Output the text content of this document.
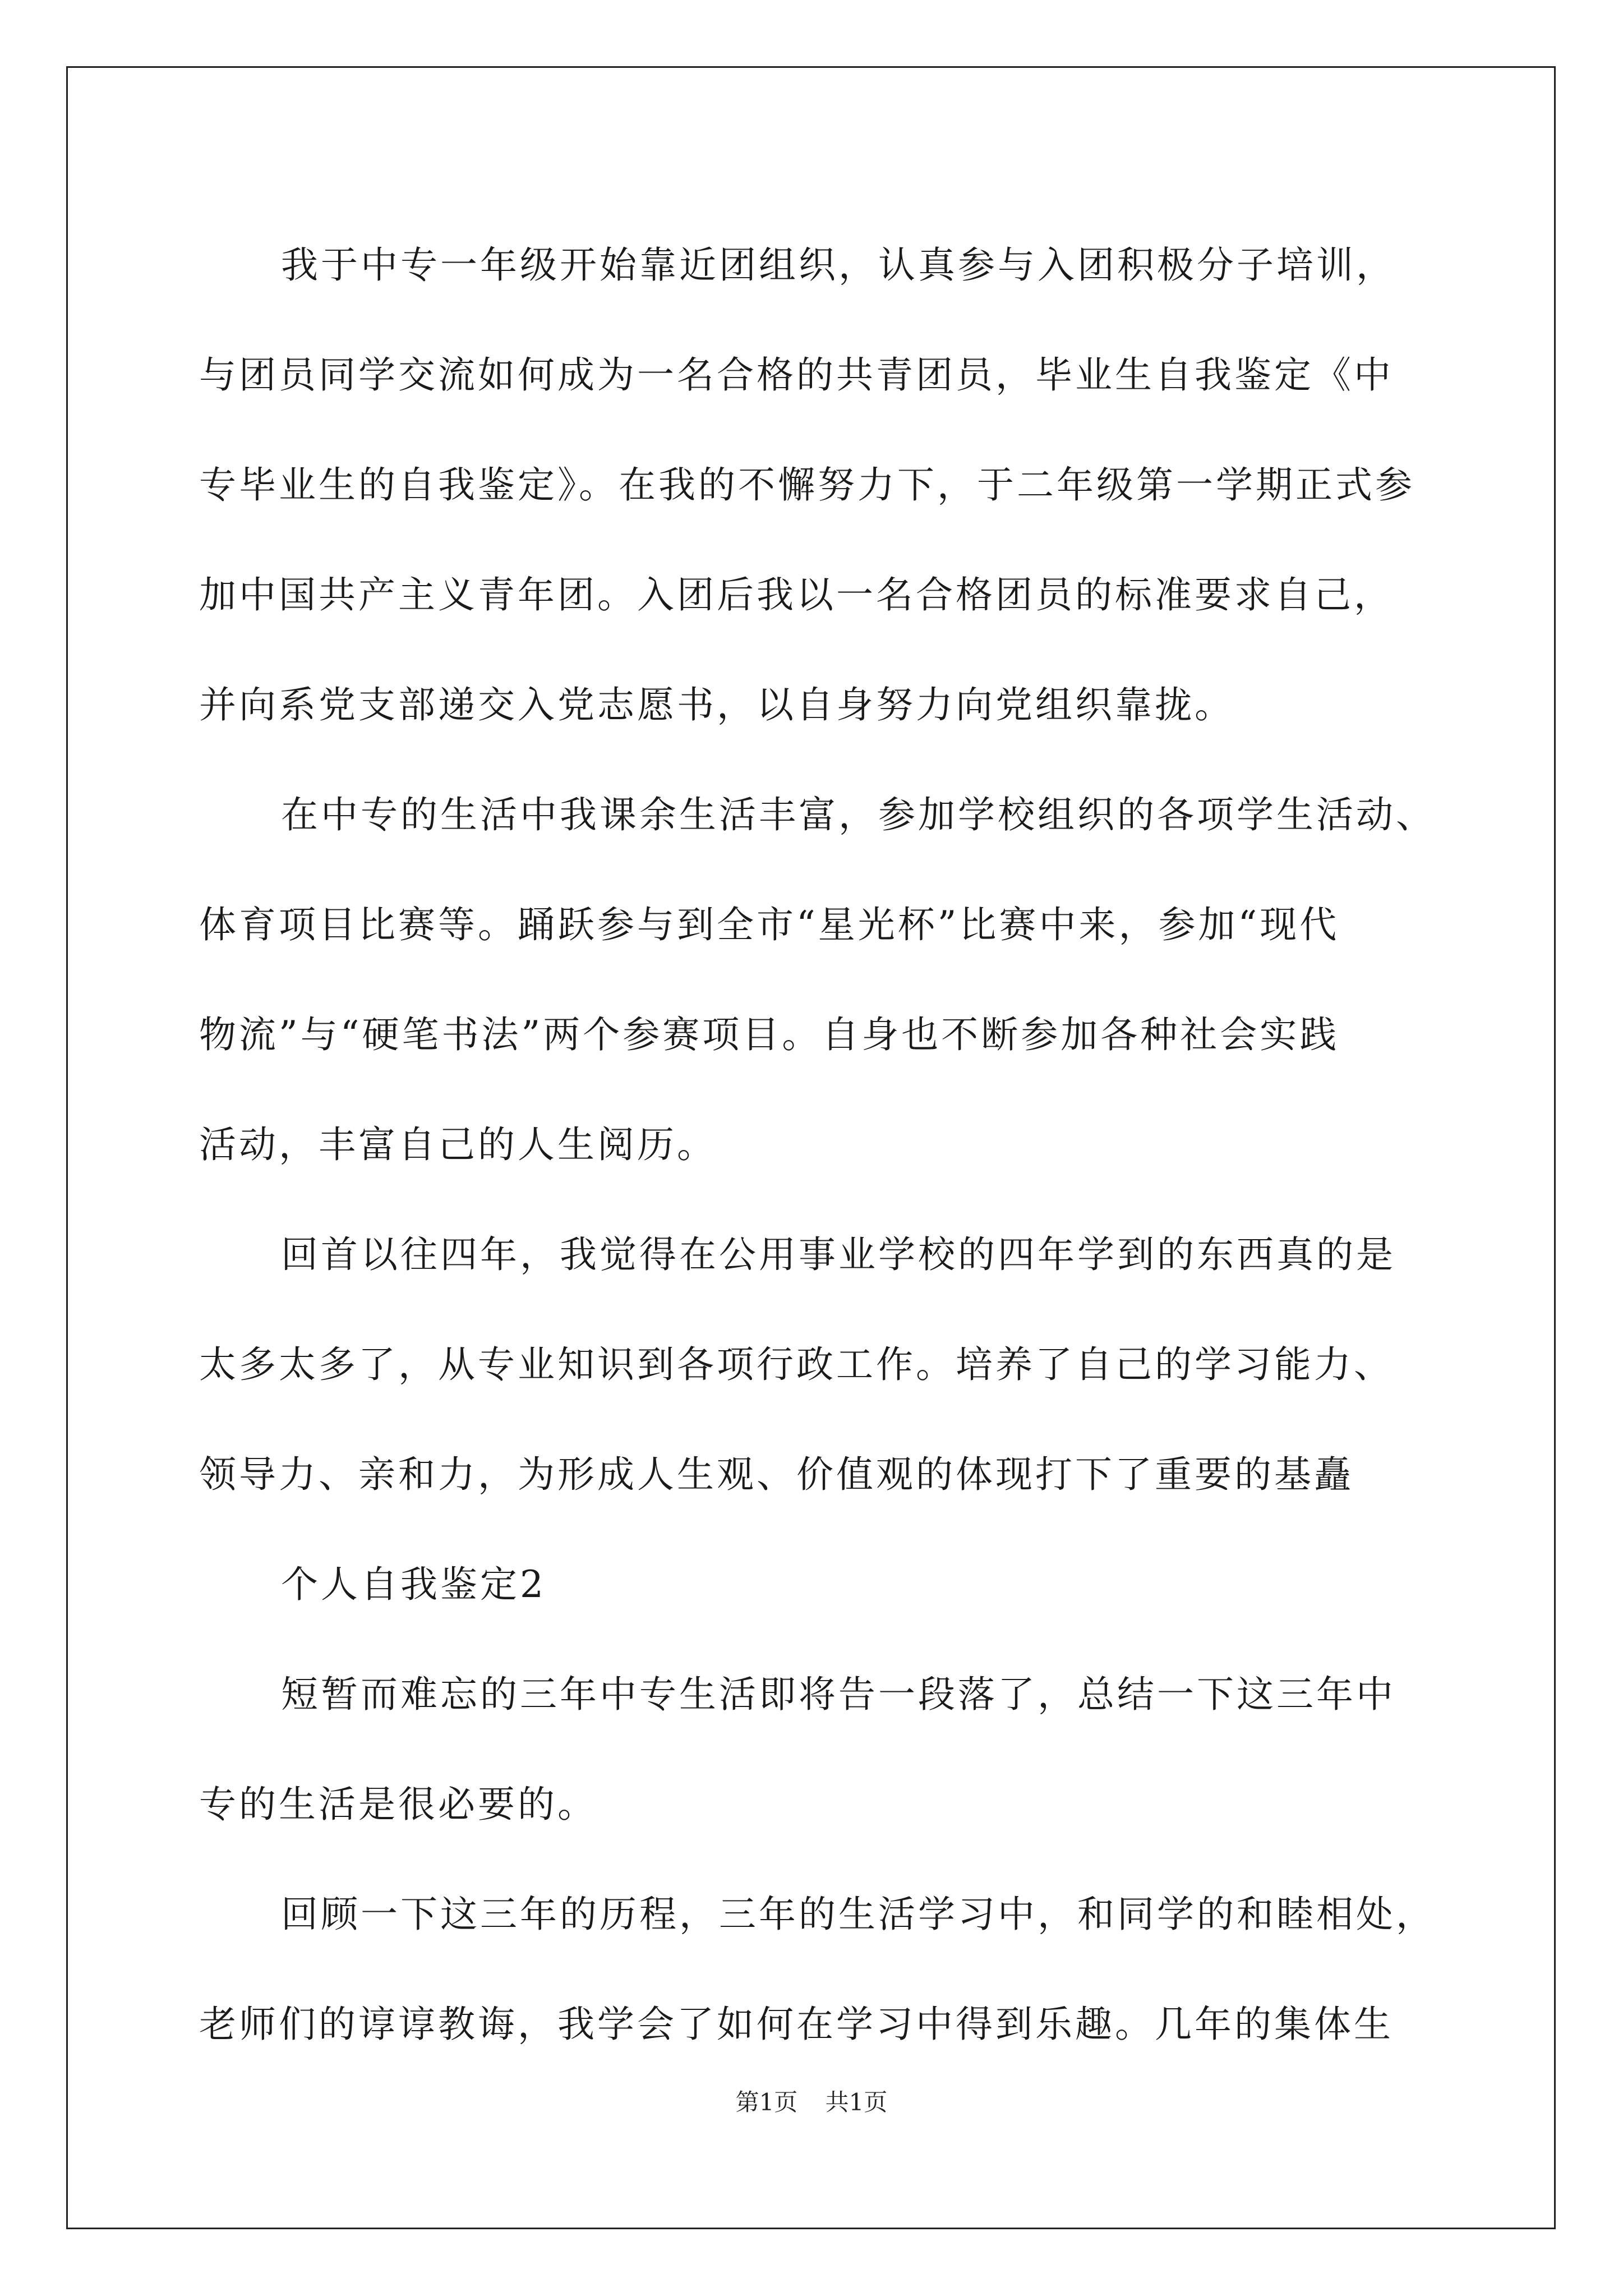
我于中专一年级开始靠近团组织，认真参与入团积极分子培训，
与团员同学交流如何成为一名合格的共青团员，毕业生自我鉴定《中
专毕业生的自我鉴定》。在我的不懈努力下，于二年级第一学期正式参
加中国共产主义青年团。入团后我以一名合格团员的标准要求自己，
并向系党支部递交入党志愿书，以自身努力向党组织靠拢。
在中专的生活中我课余生活丰富，参加学校组织的各项学生活动、
体育项目比赛等。踊跃参与到全市“星光杯”比赛中来，参加“现代
物流”与“硬笔书法”两个参赛项目。自身也不断参加各种社会实践
活动，丰富自己的人生阅历。
回首以往四年，我觉得在公用事业学校的四年学到的东西真的是
太多太多了，从专业知识到各项行政工作。培养了自己的学习能力、
领导力、亲和力，为形成人生观、价值观的体现打下了重要的基矗
个人自我鉴定2
短暂而难忘的三年中专生活即将告一段落了，总结一下这三年中
专的生活是很必要的。
回顾一下这三年的历程，三年的生活学习中，和同学的和睦相处，
老师们的谆谆教诲，我学会了如何在学习中得到乐趣。几年的集体生
第1页 共1页
